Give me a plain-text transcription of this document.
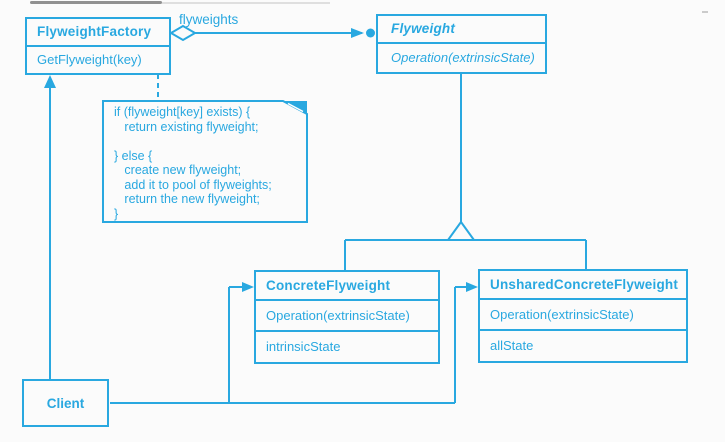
flyweights
FlyweightFactory
GetFlyweight(key)
Flyweight
Operation(extrinsicState)
if (flyweight[key] exists) {
return existing flyweight;

} else {
create new flyweight;
add it to pool of flyweights;
return the new flyweight;
}
ConcreteFlyweight
Operation(extrinsicState)
intrinsicState
UnsharedConcreteFlyweight
Operation(extrinsicState)
allState
Client
